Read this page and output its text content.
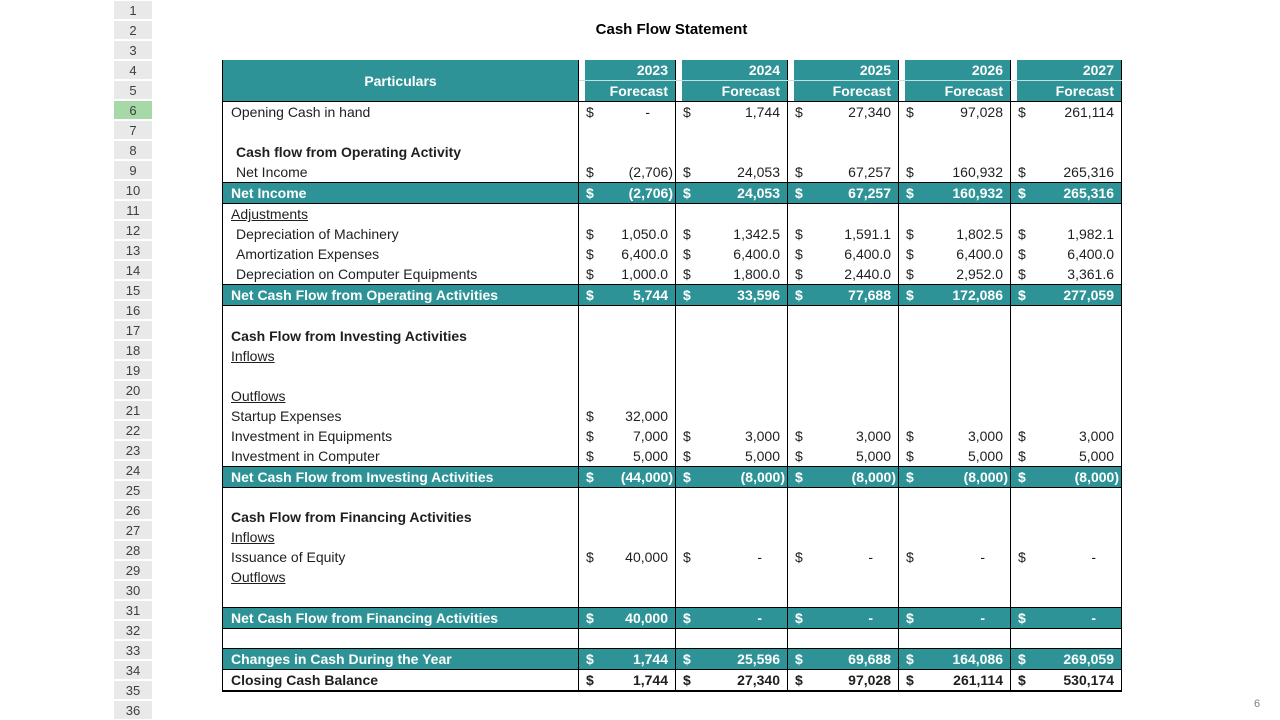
1
2
3
4
5
6
7
8
9
10
11
12
13
14
15
16
17
18
19
20
21
22
23
24
25
26
27
28
29
30
31
32
33
34
35
36
Cash Flow Statement
Particulars	2023	2024	2025	2026	2027
	Forecast	Forecast	Forecast	Forecast	Forecast
Opening Cash in hand	$ -	$ 1,744	$ 27,340	$ 97,028	$ 261,114

Cash flow from Operating Activity					
Net Income	$ (2,706)	$ 24,053	$ 67,257	$ 160,932	$ 265,316

Net Income	$ (2,706)	$ 24,053	$ 67,257	$ 160,932	$ 265,316

Adjustments					
Depreciation of Machinery	$ 1,050.0	$ 1,342.5	$ 1,591.1	$ 1,802.5	$ 1,982.1

Amortization Expenses	$ 6,400.0	$ 6,400.0	$ 6,400.0	$ 6,400.0	$ 6,400.0

Depreciation on Computer Equipments	$ 1,000.0	$ 1,800.0	$ 2,440.0	$ 2,952.0	$ 3,361.6

Net Cash Flow from Operating Activities	$ 5,744	$ 33,596	$ 77,688	$ 172,086	$ 277,059

Cash Flow from Investing Activities					
Inflows					

Outflows					
Startup Expenses	$ 32,000				

Investment in Equipments	$ 7,000	$ 3,000	$ 3,000	$ 3,000	$ 3,000

Investment in Computer	$ 5,000	$ 5,000	$ 5,000	$ 5,000	$ 5,000

Net Cash Flow from Investing Activities	$ (44,000)	$ (8,000)	$ (8,000)	$ (8,000)	$ (8,000)

Cash Flow from Financing Activities					
Inflows					
Issuance of Equity	$ 40,000	$ -	$ -	$ -	$ -

Outflows					

Net Cash Flow from Financing Activities	$ 40,000	$ -	$ -	$ -	$ -

Changes in Cash During the Year	$ 1,744	$ 25,596	$ 69,688	$ 164,086	$ 269,059

Closing Cash Balance	$ 1,744	$ 27,340	$ 97,028	$ 261,114	$ 530,174
6
